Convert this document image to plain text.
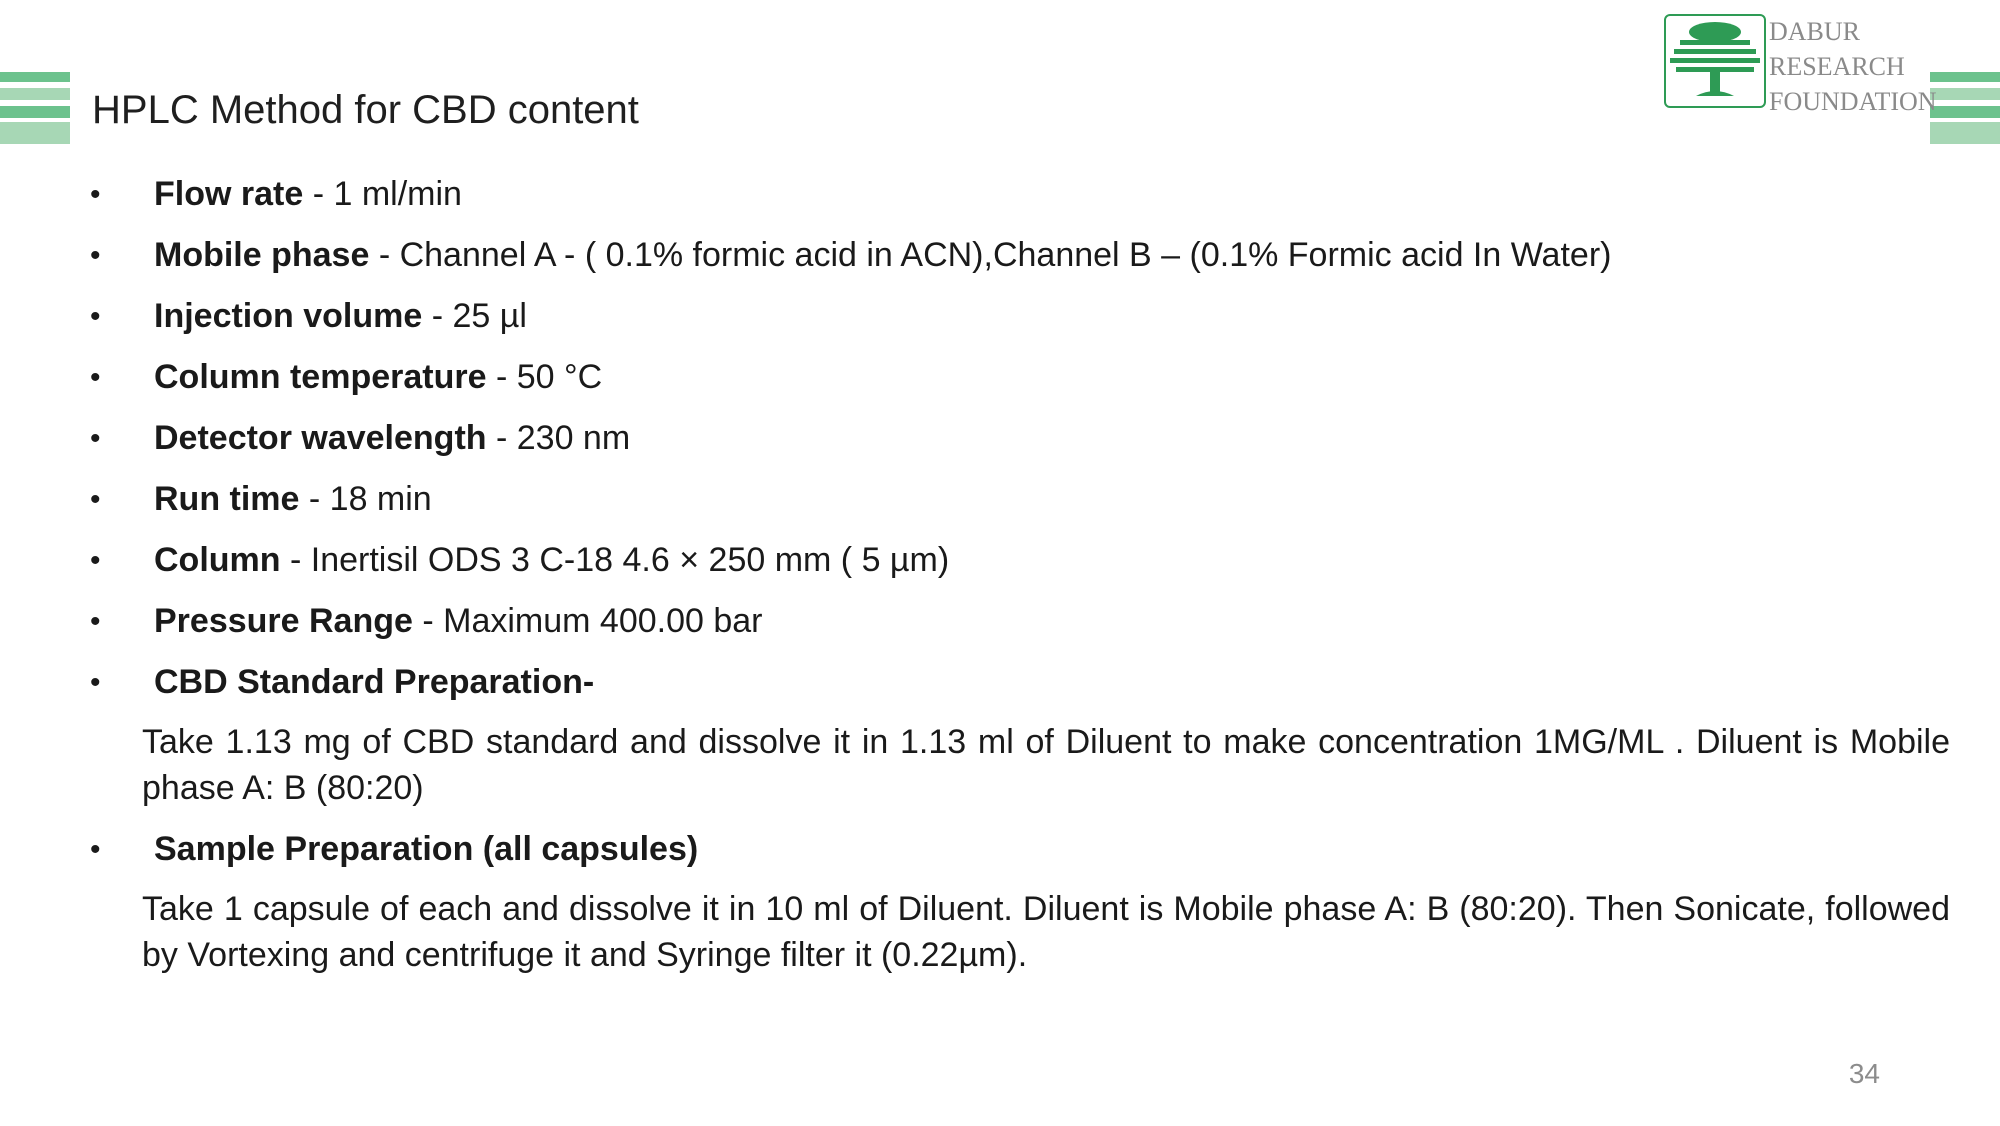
HPLC Method for CBD content
DABUR
RESEARCH
FOUNDATION
• Flow rate - 1 ml/min
• Mobile phase - Channel A - ( 0.1% formic acid in ACN),Channel B – (0.1% Formic acid In Water)
• Injection volume - 25 µl
• Column temperature - 50 °C
• Detector wavelength - 230 nm
• Run time - 18 min
• Column - Inertisil ODS 3 C-18 4.6 × 250 mm ( 5 µm)
• Pressure Range - Maximum 400.00 bar
• CBD Standard Preparation-
Take 1.13 mg of CBD standard and dissolve it in 1.13 ml of Diluent to make concentration 1MG/ML . Diluent is Mobile phase A: B (80:20)
• Sample Preparation (all capsules)
Take 1 capsule of each and dissolve it in 10 ml of Diluent. Diluent is Mobile phase A: B (80:20). Then Sonicate, followed by Vortexing and centrifuge it and Syringe filter it (0.22µm).
34
